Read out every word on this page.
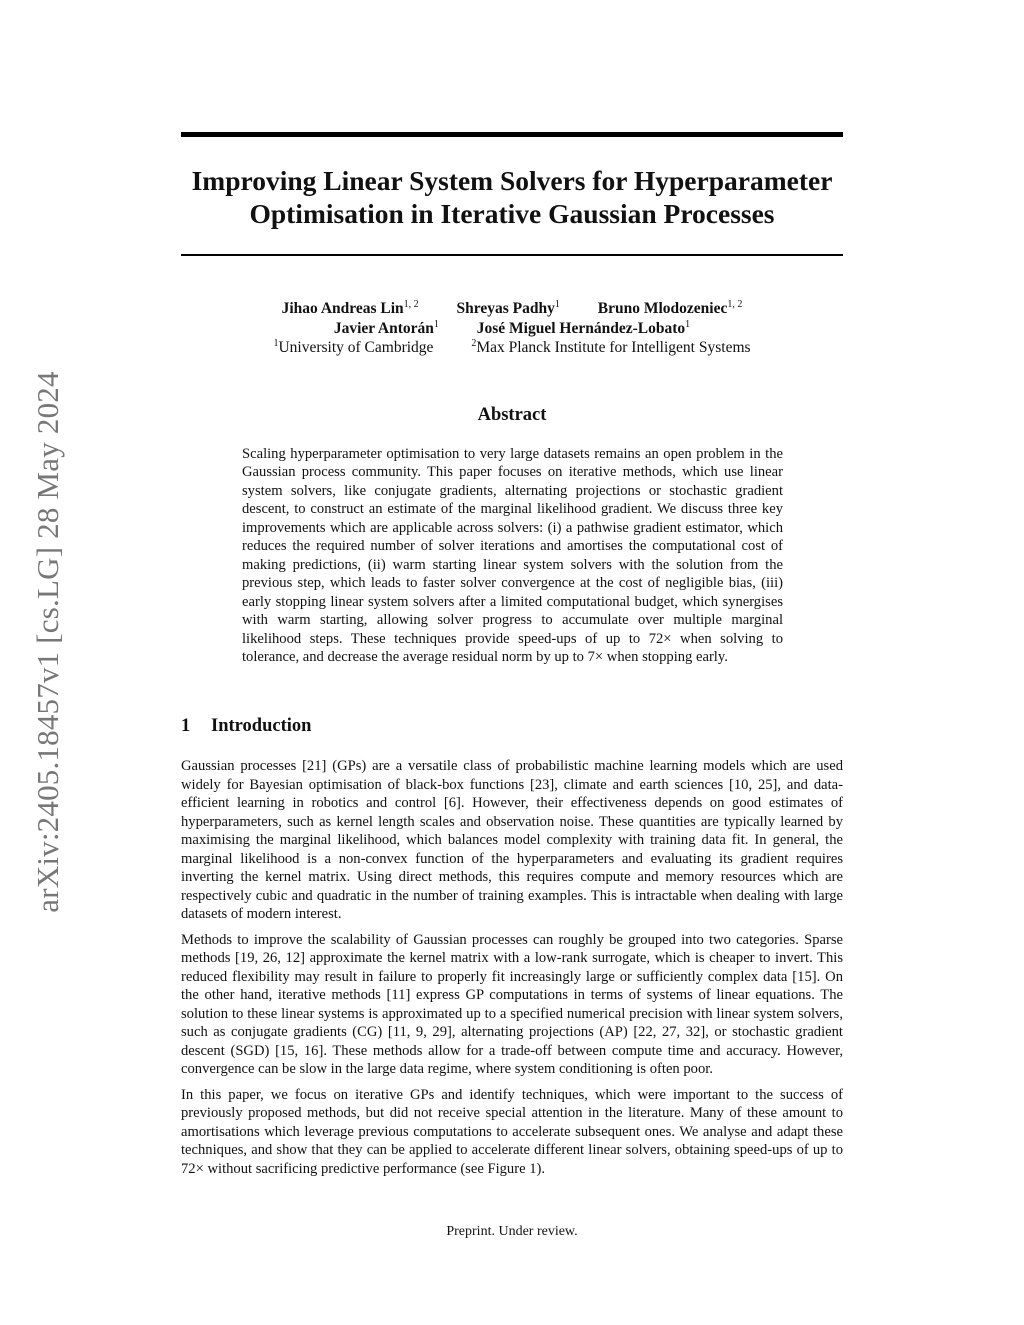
arXiv:2405.18457v1 [cs.LG] 28 May 2024
Improving Linear System Solvers for Hyperparameter Optimisation in Iterative Gaussian Processes
Jihao Andreas Lin$^{1, 2}$ Shreyas Padhy$^1$ Bruno Mlodozeniec$^{1, 2}$
Javier Antorán$^1$ José Miguel Hernández-Lobato$^1$
$^1$University of Cambridge	$^2$Max Planck Institute for Intelligent Systems
Abstract

Scaling hyperparameter optimisation to very large datasets remains an open problem in the Gaussian process community. This paper focuses on iterative methods, which use linear system solvers, like conjugate gradients, alternating projections or stochastic gradient descent, to construct an estimate of the marginal likelihood gradient. We discuss three key improvements which are applicable across solvers: (i) a pathwise gradient estimator, which reduces the required number of solver iterations and amortises the computational cost of making predictions, (ii) warm starting linear system solvers with the solution from the previous step, which leads to faster solver convergence at the cost of negligible bias, (iii) early stopping linear system solvers after a limited computational budget, which synergises with warm starting, allowing solver progress to accumulate over multiple marginal likelihood steps. These techniques provide speed-ups of up to 72× when solving to tolerance, and decrease the average residual norm by up to 7× when stopping early.

1 Introduction

Gaussian processes [21] (GPs) are a versatile class of probabilistic machine learning models which are used widely for Bayesian optimisation of black-box functions [23], climate and earth sciences [10, 25], and data-efficient learning in robotics and control [6]. However, their effectiveness depends on good estimates of hyperparameters, such as kernel length scales and observation noise. These quantities are typically learned by maximising the marginal likelihood, which balances model complexity with training data fit. In general, the marginal likelihood is a non-convex function of the hyperparameters and evaluating its gradient requires inverting the kernel matrix. Using direct methods, this requires compute and memory resources which are respectively cubic and quadratic in the number of training examples. This is intractable when dealing with large datasets of modern interest.

Methods to improve the scalability of Gaussian processes can roughly be grouped into two categories. Sparse methods [19, 26, 12] approximate the kernel matrix with a low-rank surrogate, which is cheaper to invert. This reduced flexibility may result in failure to properly fit increasingly large or sufficiently complex data [15]. On the other hand, iterative methods [11] express GP computations in terms of systems of linear equations. The solution to these linear systems is approximated up to a specified numerical precision with linear system solvers, such as conjugate gradients (CG) [11, 9, 29], alternating projections (AP) [22, 27, 32], or stochastic gradient descent (SGD) [15, 16]. These methods allow for a trade-off between compute time and accuracy. However, convergence can be slow in the large data regime, where system conditioning is often poor.

In this paper, we focus on iterative GPs and identify techniques, which were important to the success of previously proposed methods, but did not receive special attention in the literature. Many of these amount to amortisations which leverage previous computations to accelerate subsequent ones. We analyse and adapt these techniques, and show that they can be applied to accelerate different linear solvers, obtaining speed-ups of up to 72× without sacrificing predictive performance (see Figure 1).

Preprint. Under review.
